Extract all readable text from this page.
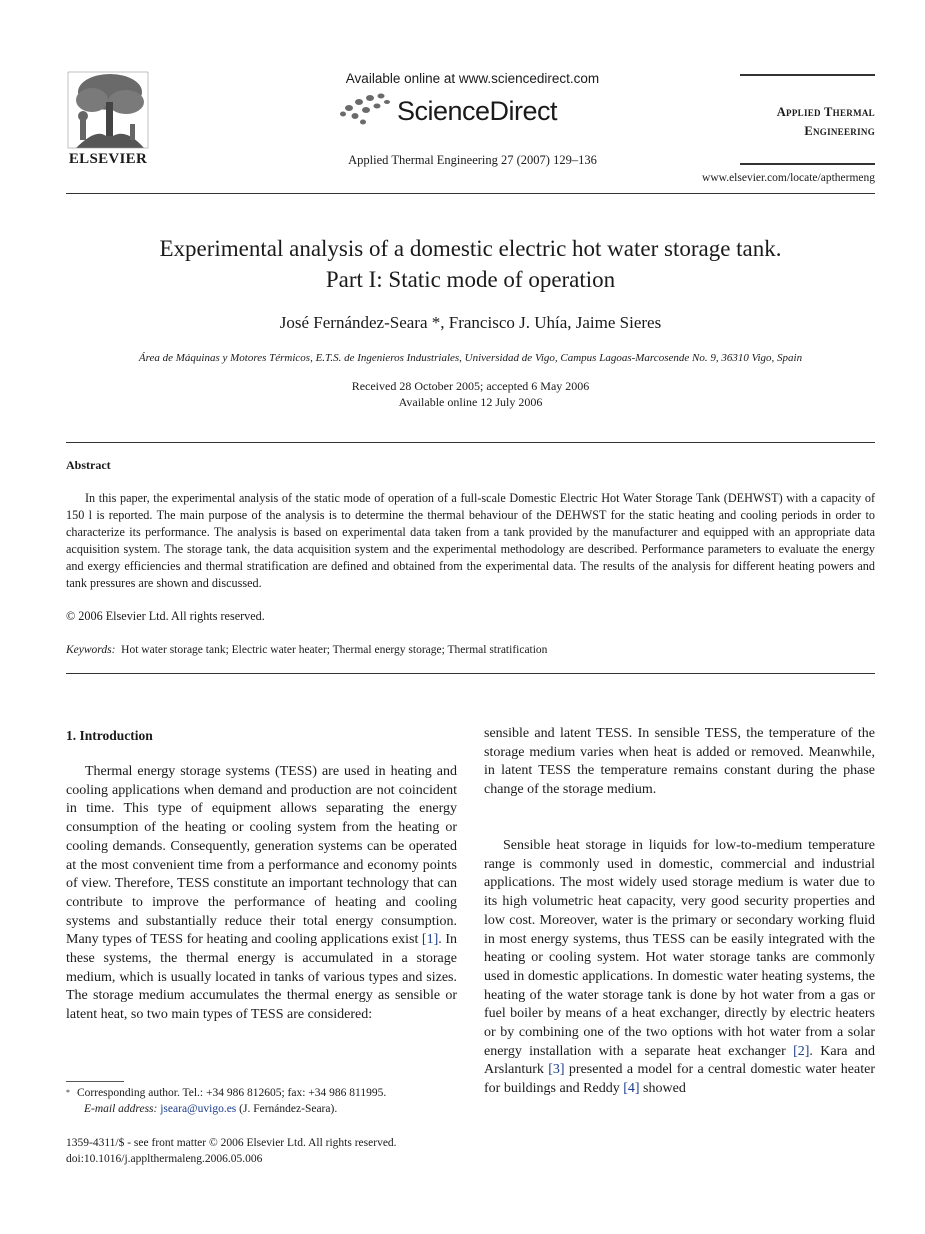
ELSEVIER
Available online at www.sciencedirect.com
ScienceDirect
Applied Thermal Engineering 27 (2007) 129–136
Applied Thermal
Engineering
www.elsevier.com/locate/apthermeng
Experimental analysis of a domestic electric hot water storage tank.
Part I: Static mode of operation
José Fernández-Seara *, Francisco J. Uhía, Jaime Sieres
Área de Máquinas y Motores Térmicos, E.T.S. de Ingenieros Industriales, Universidad de Vigo, Campus Lagoas-Marcosende No. 9, 36310 Vigo, Spain
Received 28 October 2005; accepted 6 May 2006
Available online 12 July 2006
Abstract
In this paper, the experimental analysis of the static mode of operation of a full-scale Domestic Electric Hot Water Storage Tank (DEHWST) with a capacity of 150 l is reported. The main purpose of the analysis is to determine the thermal behaviour of the DEHWST for the static heating and cooling periods in order to characterize its performance. The analysis is based on experimental data taken from a tank provided by the manufacturer and equipped with an appropriate data acquisition system. The storage tank, the data acquisition system and the experimental methodology are described. Performance parameters to evaluate the energy and exergy efficiencies and thermal stratification are defined and obtained from the experimental data. The results of the analysis for different heating powers and tank pressures are shown and discussed.
© 2006 Elsevier Ltd. All rights reserved.
Keywords: Hot water storage tank; Electric water heater; Thermal energy storage; Thermal stratification
1. Introduction
Thermal energy storage systems (TESS) are used in heating and cooling applications when demand and production are not coincident in time. This type of equipment allows separating the energy consumption of the heating or cooling system from the heating or cooling demands. Consequently, generation systems can be operated at the most convenient time from a performance and economy points of view. Therefore, TESS constitute an important technology that can contribute to improve the performance of heating and cooling systems and substantially reduce their total energy consumption. Many types of TESS for heating and cooling applications exist [1]. In these systems, the thermal energy is accumulated in a storage medium, which is usually located in tanks of various types and sizes. The storage medium accumulates the thermal energy as sensible or latent heat, so two main types of TESS are considered:
sensible and latent TESS. In sensible TESS, the temperature of the storage medium varies when heat is added or removed. Meanwhile, in latent TESS the temperature remains constant during the phase change of the storage medium.
Sensible heat storage in liquids for low-to-medium temperature range is commonly used in domestic, commercial and industrial applications. The most widely used storage medium is water due to its high volumetric heat capacity, very good security properties and low cost. Moreover, water is the primary or secondary working fluid in most energy systems, thus TESS can be easily integrated with the heating or cooling system. Hot water storage tanks are commonly used in domestic applications. In domestic water heating systems, the heating of the water storage tank is done by hot water from a gas or fuel boiler by means of a heat exchanger, directly by electric heaters or by combining one of the two options with hot water from a solar energy installation with a separate heat exchanger [2]. Kara and Arslanturk [3] presented a model for a central domestic water heater for buildings and Reddy [4] showed
* Corresponding author. Tel.: +34 986 812605; fax: +34 986 811995.
E-mail address: jseara@uvigo.es (J. Fernández-Seara).
1359-4311/$ - see front matter © 2006 Elsevier Ltd. All rights reserved.
doi:10.1016/j.applthermaleng.2006.05.006
